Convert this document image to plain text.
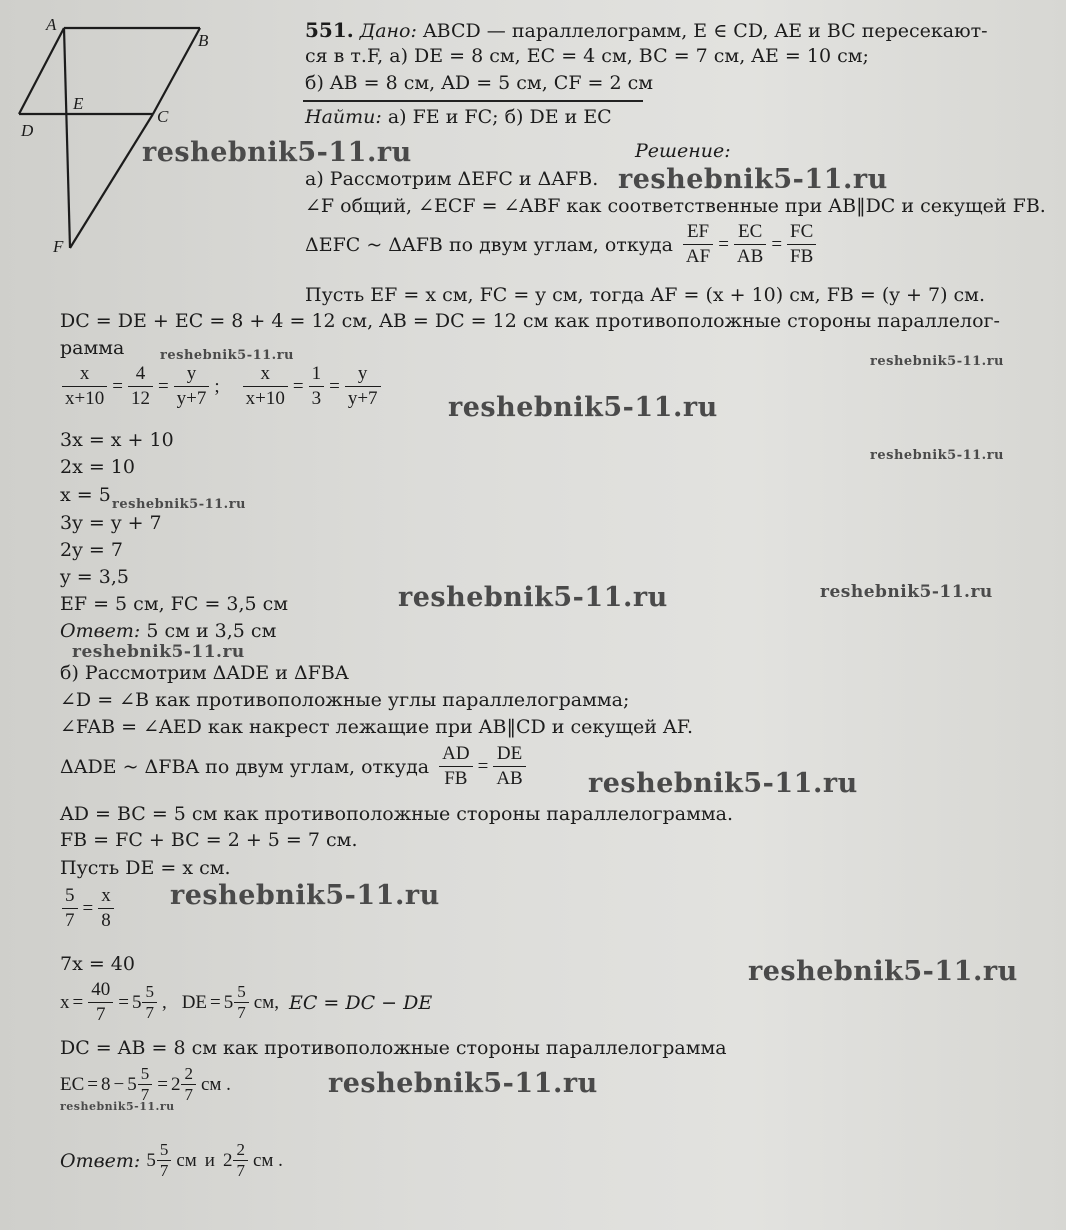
A
B
C
D
E
F
551. Дано: ABCD — параллелограмм, E ∈ CD, AE и BC пересекают-
ся в т.F, а) DE = 8 см, EC = 4 см, BC = 7 см, AE = 10 см;
б) AB = 8 см, AD = 5 см, CF = 2 см
Найти: а) FE и FC; б) DE и EC
Решение:
а) Рассмотрим ΔEFC и ΔAFB.
∠F общий, ∠ECF = ∠ABF как соответственные при AB‖DC и секущей FB.
ΔEFC ~ ΔAFB по двум углам, откуда $\frac{EF}{AF} = \frac{EC}{AB} = \frac{FC}{FB}$
Пусть EF = x см, FC = y см, тогда AF = (x + 10) см, FB = (y + 7) см.
DC = DE + EC = 8 + 4 = 12 см, AB = DC = 12 см как противоположные стороны параллелог-
рамма
$\frac{x}{x+10} = \frac{4}{12} = \frac{y}{y+7}$ ; $\frac{x}{x+10} = \frac{1}{3} = \frac{y}{y+7}$
3x = x + 10
2x = 10
x = 5
3y = y + 7
2y = 7
y = 3,5
EF = 5 см, FC = 3,5 см
Ответ: 5 см и 3,5 см
б) Рассмотрим ΔADE и ΔFBA
∠D = ∠B как противоположные углы параллелограмма;
∠FAB = ∠AED как накрест лежащие при AB‖CD и секущей AF.
ΔADE ~ ΔFBA по двум углам, откуда $\frac{AD}{FB} = \frac{DE}{AB}$
AD = BC = 5 см как противоположные стороны параллелограмма.
FB = FC + BC = 2 + 5 = 7 см.
Пусть DE = x см.
$\frac{5}{7} = \frac{x}{8}$
7x = 40
$x = \frac{40}{7} = 5 \frac{5}{7}$ , DE = $5 \frac{5}{7}$ см, EC = DC − DE
DC = AB = 8 см как противоположные стороны параллелограмма
EC = $8 - 5 \frac{5}{7} = 2 \frac{2}{7}$ см .
Ответ: $5 \frac{5}{7}$ см и $2 \frac{2}{7}$ см .
reshebnik5-11.ru
reshebnik5-11.ru
reshebnik5-11.ru	reshebnik5-11.ru
reshebnik5-11.ru
reshebnik5-11.ru
reshebnik5-11.ru
reshebnik5-11.ru	reshebnik5-11.ru
reshebnik5-11.ru
reshebnik5-11.ru
reshebnik5-11.ru
reshebnik5-11.ru
reshebnik5-11.ru
reshebnik5-11.ru
